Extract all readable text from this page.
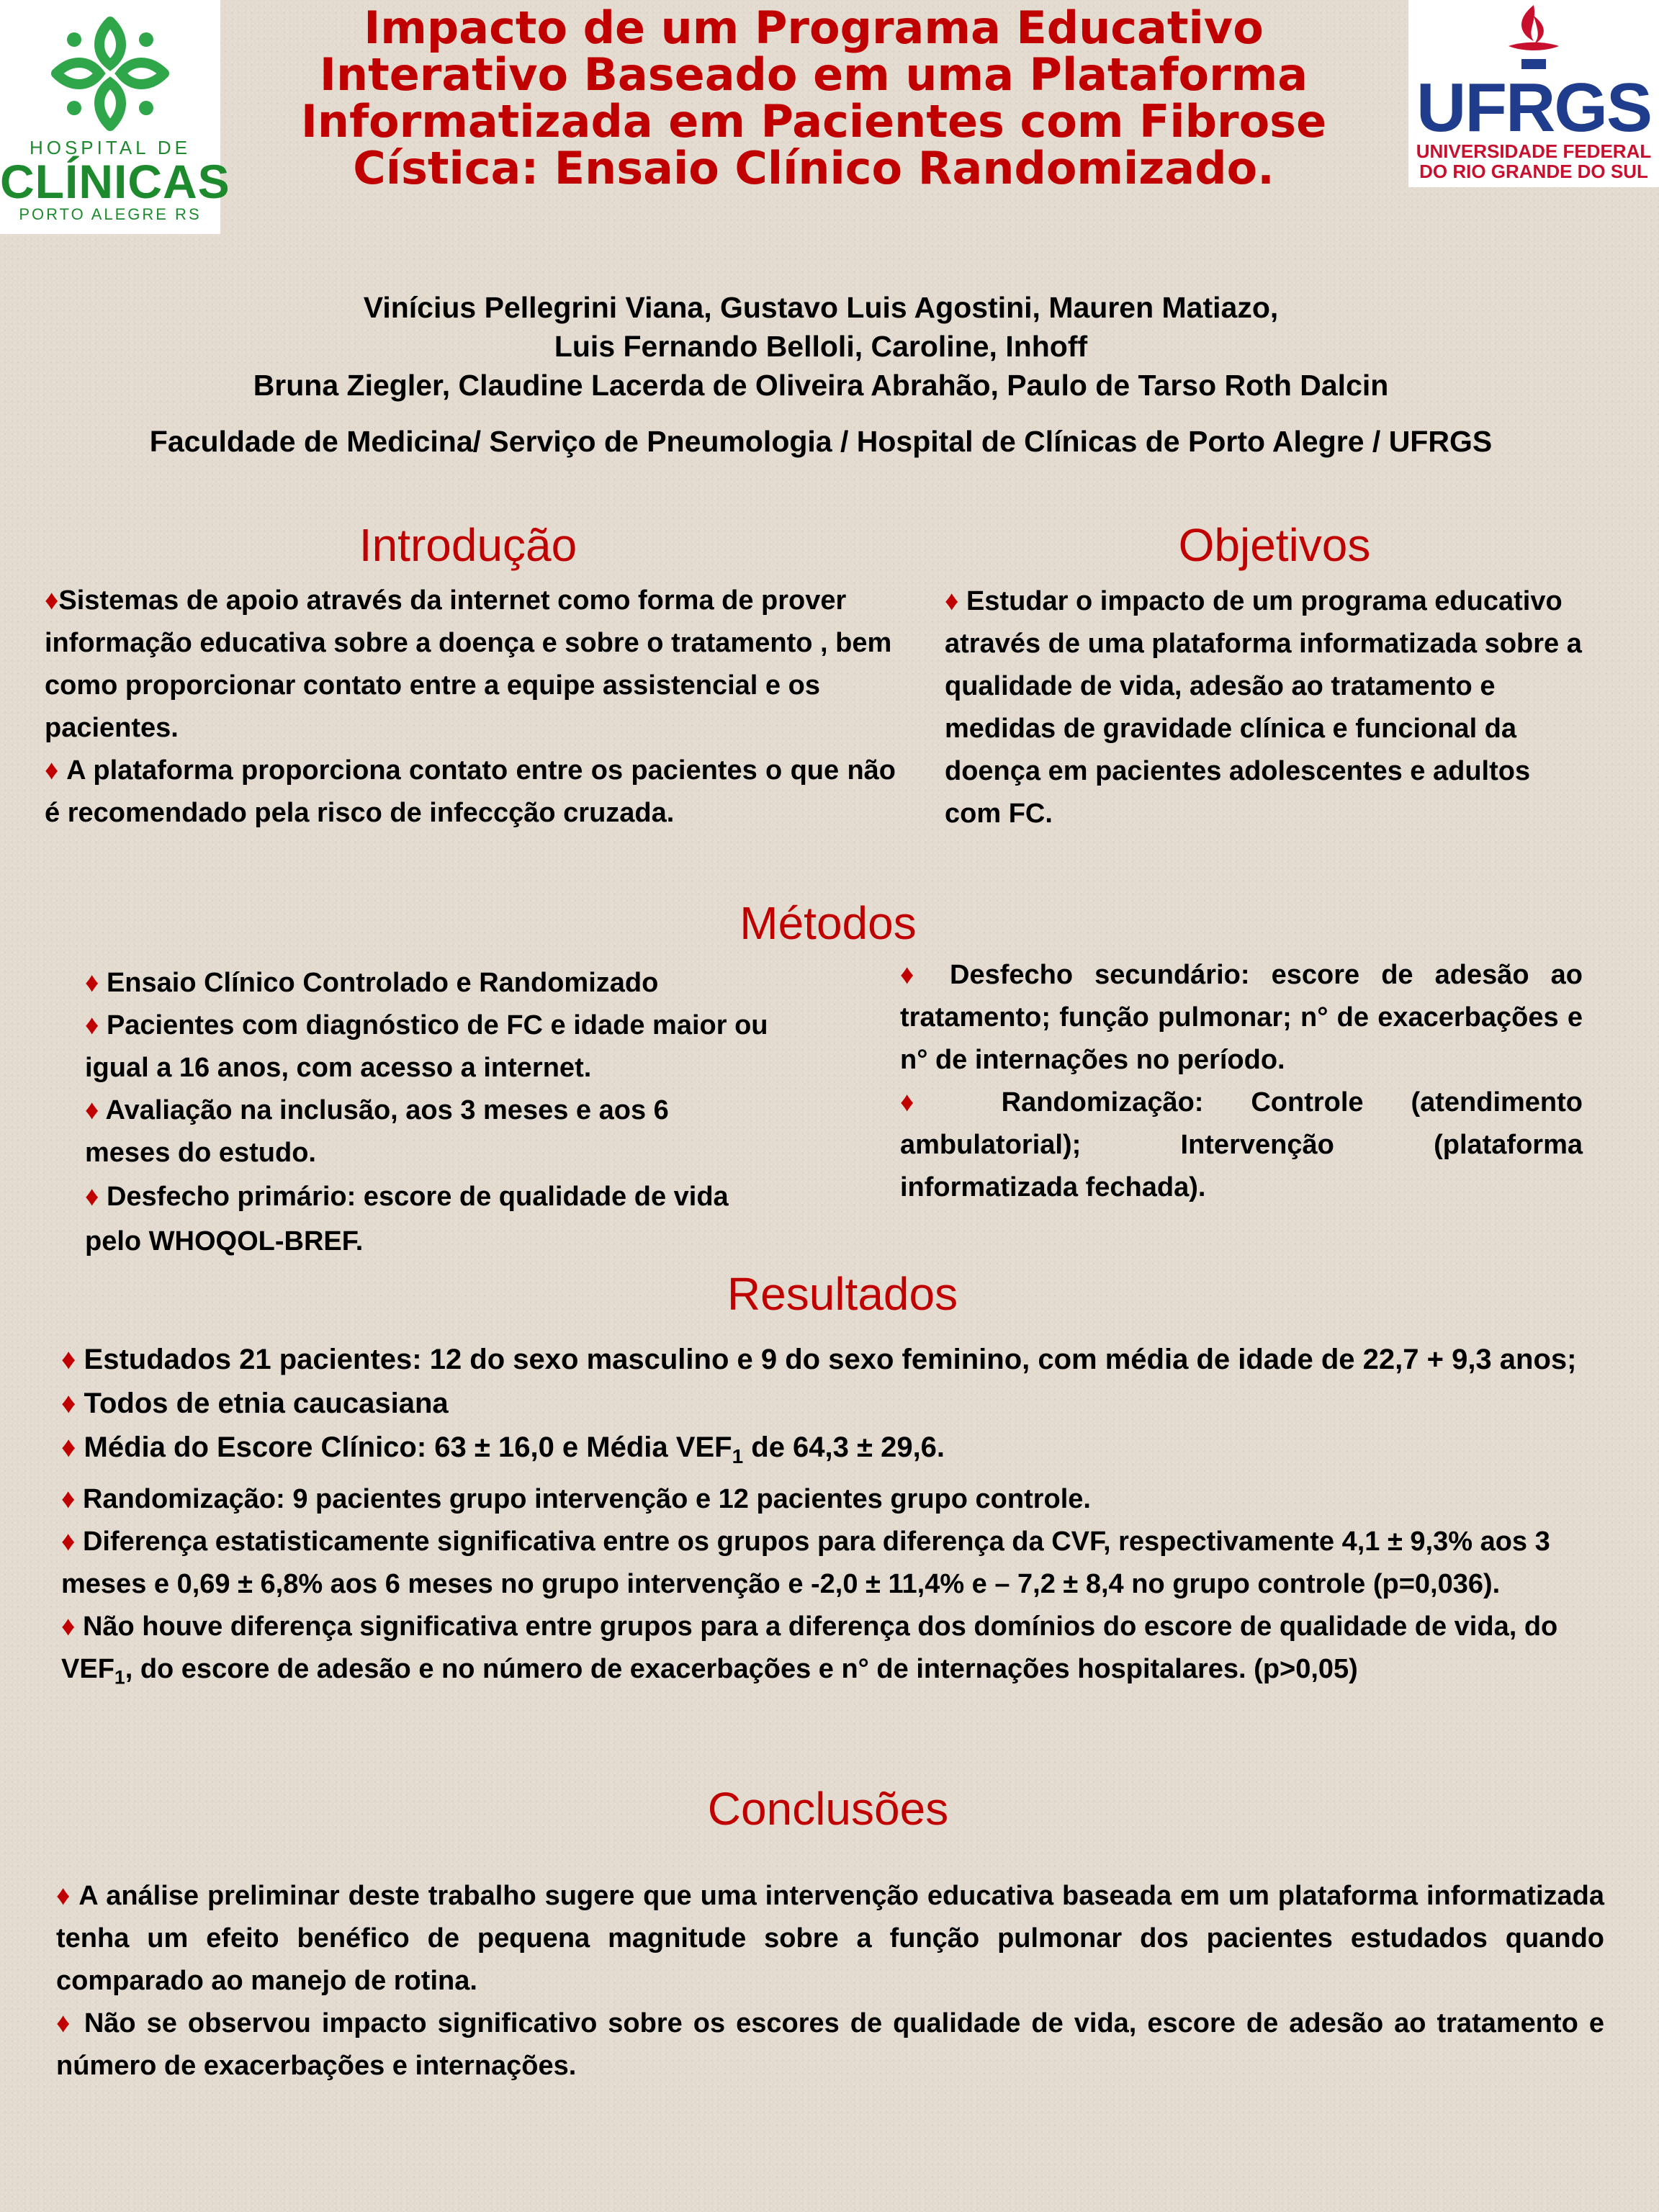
HOSPITAL DE
CLÍNICAS
PORTO ALEGRE RS
UFRGS
UNIVERSIDADE FEDERAL
DO RIO GRANDE DO SUL
Impacto de um Programa Educativo
Interativo Baseado em uma Plataforma
Informatizada em Pacientes com Fibrose
Cística: Ensaio Clínico Randomizado.
Vinícius Pellegrini Viana, Gustavo Luis Agostini, Mauren Matiazo,
Luis Fernando Belloli, Caroline, Inhoff
Bruna Ziegler, Claudine Lacerda de Oliveira Abrahão, Paulo de Tarso Roth Dalcin
Faculdade de Medicina/ Serviço de Pneumologia / Hospital de Clínicas de Porto Alegre / UFRGS
Introdução

♦Sistemas de apoio através da internet como forma de prover informação educativa sobre a doença e sobre o tratamento , bem como proporcionar contato entre a equipe assistencial e os pacientes.

♦ A plataforma proporciona contato entre os pacientes o que não é recomendado pela risco de infeccção cruzada.

Objetivos

♦ Estudar o impacto de um programa educativo através de uma plataforma informatizada sobre a qualidade de vida, adesão ao tratamento e medidas de gravidade clínica e funcional da doença em pacientes adolescentes e adultos com FC.

Métodos

♦ Ensaio Clínico Controlado e Randomizado

♦ Pacientes com diagnóstico de FC e idade maior ou igual a 16 anos, com acesso a internet.

♦ Avaliação na inclusão, aos 3 meses e aos 6 meses do estudo.

♦ Desfecho primário: escore de qualidade de vida pelo WHOQOL-BREF.

♦ Desfecho secundário: escore de adesão ao tratamento; função pulmonar; n° de exacerbações e n° de internações no período.

♦ Randomização: Controle (atendimento ambulatorial); Intervenção (plataforma informatizada fechada).

Resultados

♦ Estudados 21 pacientes: 12 do sexo masculino e 9 do sexo feminino, com média de idade de 22,7 + 9,3 anos;

♦ Todos de etnia caucasiana

♦ Média do Escore Clínico: 63 ± 16,0 e Média $VEF_1$ de 64,3 ± 29,6.

♦ Randomização: 9 pacientes grupo intervenção e 12 pacientes grupo controle.

♦ Diferença estatisticamente significativa entre os grupos para diferença da CVF, respectivamente 4,1 ± 9,3% aos 3 meses e 0,69 ± 6,8% aos 6 meses no grupo intervenção e -2,0 ± 11,4% e – 7,2 ± 8,4 no grupo controle (p=0,036).

♦ Não houve diferença significativa entre grupos para a diferença dos domínios do escore de qualidade de vida, do $VEF_1$, do escore de adesão e no número de exacerbações e n° de internações hospitalares. (p>0,05)

Conclusões

♦ A análise preliminar deste trabalho sugere que uma intervenção educativa baseada em um plataforma informatizada tenha um efeito benéfico de pequena magnitude sobre a função pulmonar dos pacientes estudados quando comparado ao manejo de rotina.

♦ Não se observou impacto significativo sobre os escores de qualidade de vida, escore de adesão ao tratamento e número de exacerbações e internações.
